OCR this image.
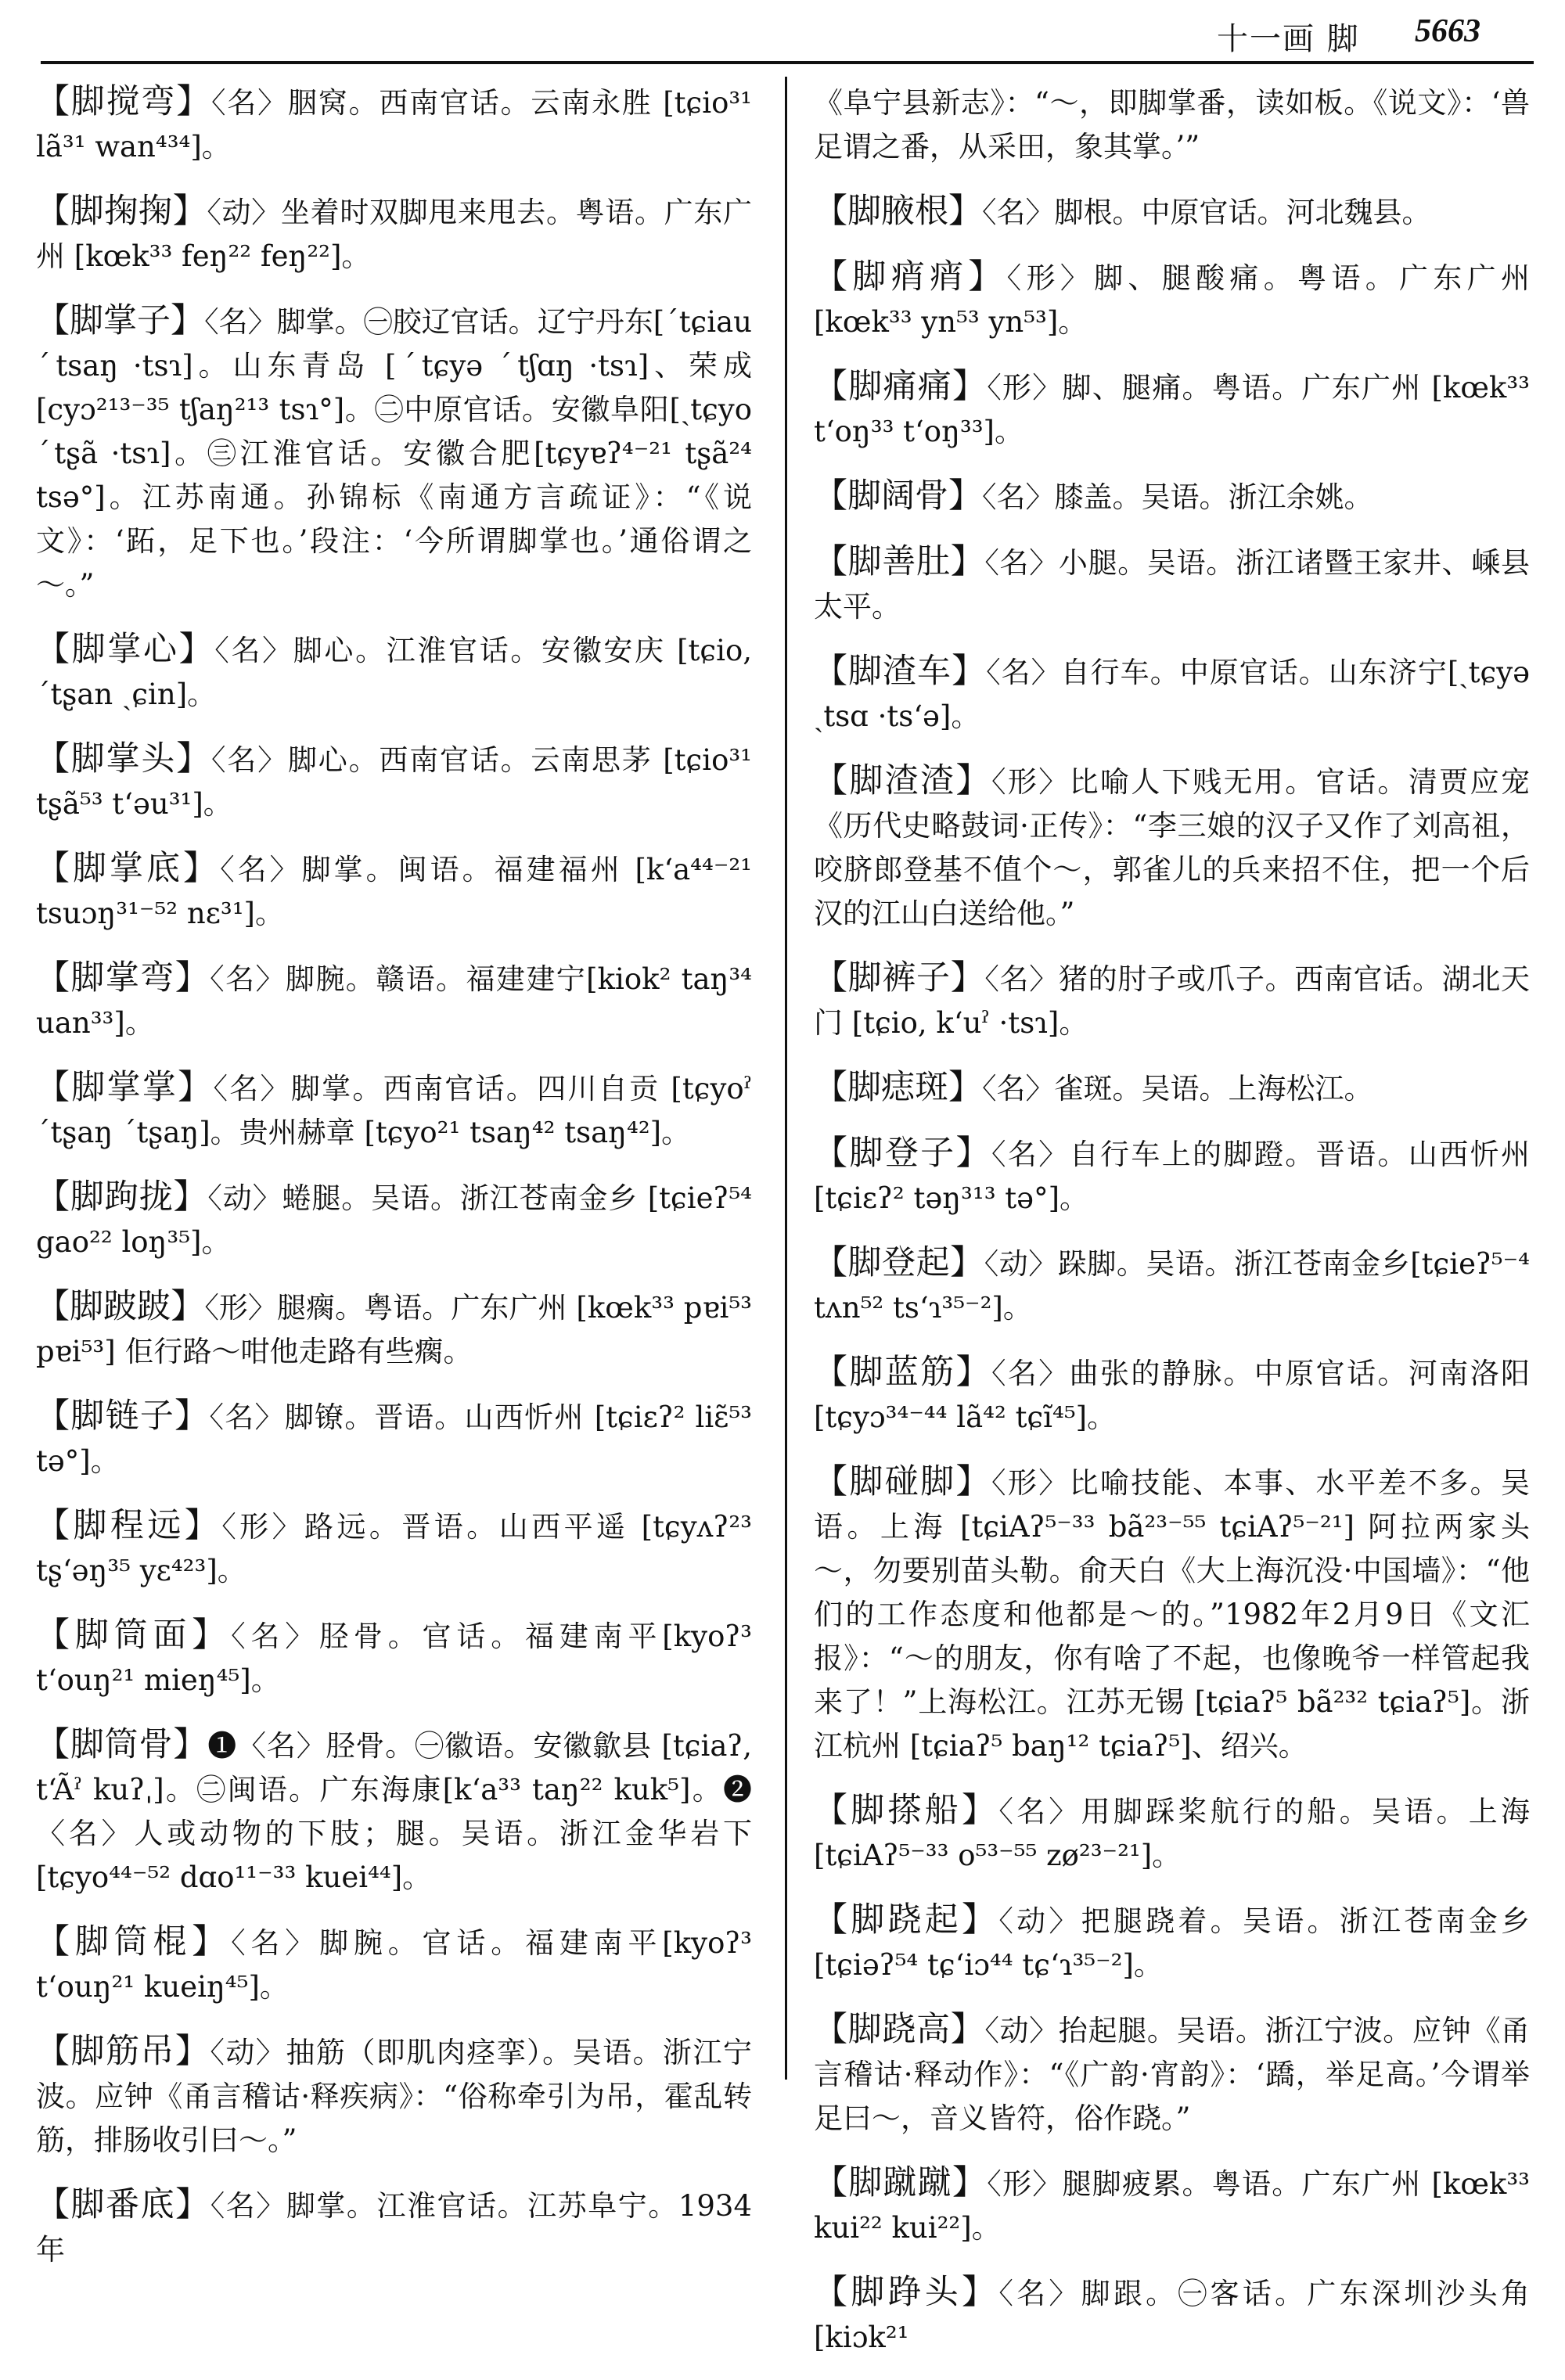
十一画 脚 5663

【脚搅弯】〈名〉胭窝。西南官话。云南永胜 [tɕio³¹ lã³¹ wan⁴³⁴]。

【脚掬掬】〈动〉坐着时双脚甩来甩去。粤语。广东广州 [kœk³³ feŋ²² feŋ²²]。

【脚掌子】〈名〉脚掌。㊀胶辽官话。辽宁丹东[ˊtɕiau ˊtsaŋ ·tsɿ]。山东青岛 [ˊtɕyə ˊtʃɑŋ ·tsɿ]、荣成[cyɔ²¹³⁻³⁵ tʃaŋ²¹³ tsɿ°]。㊁中原官话。安徽阜阳[ˏtɕyo ˊtʂã ·tsɿ]。㊂江淮官话。安徽合肥[tɕyɐʔ⁴⁻²¹ tʂã²⁴ tsə°]。江苏南通。孙锦标《南通方言疏证》：“《说文》：‘跖，足下也。’段注：‘今所谓脚掌也。’通俗谓之～。”

【脚掌心】〈名〉脚心。江淮官话。安徽安庆 [tɕio, ˊtʂan ˏɕin]。

【脚掌头】〈名〉脚心。西南官话。云南思茅 [tɕio³¹ tʂã⁵³ tʻəu³¹]。

【脚掌底】〈名〉脚掌。闽语。福建福州 [kʻa⁴⁴⁻²¹ tsuɔŋ³¹⁻⁵² nɛ³¹]。

【脚掌弯】〈名〉脚腕。赣语。福建建宁[kiok² taŋ³⁴ uan³³]。

【脚掌掌】〈名〉脚掌。西南官话。四川自贡 [tɕyoˀ ˊtʂaŋ ˊtʂaŋ]。贵州赫章 [tɕyo²¹ tsaŋ⁴² tsaŋ⁴²]。

【脚跔拢】〈动〉蜷腿。吴语。浙江苍南金乡 [tɕieʔ⁵⁴ gao²² loŋ³⁵]。

【脚跛跛】〈形〉腿瘸。粤语。广东广州 [kœk³³ pɐi⁵³ pɐi⁵³] 佢行路～咁他走路有些瘸。

【脚链子】〈名〉脚镣。晋语。山西忻州 [tɕiɛʔ² liɛ̃⁵³ tə°]。

【脚程远】〈形〉路远。晋语。山西平遥 [tɕyʌʔ²³ tʂʻəŋ³⁵ yɛ⁴²³]。

【脚筒面】〈名〉胫骨。官话。福建南平[kyoʔ³ tʻouŋ²¹ mieŋ⁴⁵]。

【脚筒骨】❶〈名〉胫骨。㊀徽语。安徽歙县 [tɕiaʔ, tʻÃˀ kuʔˌ]。㊁闽语。广东海康[kʻa³³ taŋ²² kuk⁵]。❷〈名〉人或动物的下肢；腿。吴语。浙江金华岩下 [tɕyo⁴⁴⁻⁵² dɑo¹¹⁻³³ kuei⁴⁴]。

【脚筒棍】〈名〉脚腕。官话。福建南平[kyoʔ³ tʻouŋ²¹ kueiŋ⁴⁵]。

【脚筋吊】〈动〉抽筋（即肌肉痉挛）。吴语。浙江宁波。应钟《甬言稽诂·释疾病》：“俗称牵引为吊，霍乱转筋，排肠收引曰～。”

【脚番底】〈名〉脚掌。江淮官话。江苏阜宁。1934年

《阜宁县新志》：“～，即脚掌番，读如板。《说文》：‘兽足谓之番，从采田，象其掌。’”

【脚腋根】〈名〉脚根。中原官话。河北魏县。

【脚痟痟】〈形〉脚、腿酸痛。粤语。广东广州 [kœk³³ yn⁵³ yn⁵³]。

【脚痛痛】〈形〉脚、腿痛。粤语。广东广州 [kœk³³ tʻoŋ³³ tʻoŋ³³]。

【脚阔骨】〈名〉膝盖。吴语。浙江余姚。

【脚善肚】〈名〉小腿。吴语。浙江诸暨王家井、嵊县太平。

【脚渣车】〈名〉自行车。中原官话。山东济宁[ˏtɕyə ˏtsɑ ·tsʻə]。

【脚渣渣】〈形〉比喻人下贱无用。官话。清贾应宠《历代史略鼓词·正传》：“李三娘的汉子又作了刘高祖，咬脐郎登基不值个～，郭雀儿的兵来招不住，把一个后汉的江山白送给他。”

【脚裤子】〈名〉猪的肘子或爪子。西南官话。湖北天门 [tɕio, kʻuˀ ·tsɿ]。

【脚痣斑】〈名〉雀斑。吴语。上海松江。

【脚登子】〈名〉自行车上的脚蹬。晋语。山西忻州 [tɕiɛʔ² təŋ³¹³ tə°]。

【脚登起】〈动〉跺脚。吴语。浙江苍南金乡[tɕieʔ⁵⁻⁴ tʌn⁵² tsʻɿ³⁵⁻²]。

【脚蓝筋】〈名〉曲张的静脉。中原官话。河南洛阳 [tɕyɔ³⁴⁻⁴⁴ lã⁴² tɕĩ⁴⁵]。

【脚碰脚】〈形〉比喻技能、本事、水平差不多。吴语。上海 [tɕiAʔ⁵⁻³³ bã²³⁻⁵⁵ tɕiAʔ⁵⁻²¹] 阿拉两家头～，勿要别苗头勒。俞天白《大上海沉没·中国墙》：“他们的工作态度和他都是～的。”1982年2月9日《文汇报》：“～的朋友，你有啥了不起，也像晚爷一样管起我来了！”上海松江。江苏无锡 [tɕiaʔ⁵ bã²³² tɕiaʔ⁵]。浙江杭州 [tɕiaʔ⁵ baŋ¹² tɕiaʔ⁵]、绍兴。

【脚搽船】〈名〉用脚踩桨航行的船。吴语。上海 [tɕiAʔ⁵⁻³³ o⁵³⁻⁵⁵ zø²³⁻²¹]。

【脚跷起】〈动〉把腿跷着。吴语。浙江苍南金乡 [tɕiəʔ⁵⁴ tɕʻiɔ⁴⁴ tɕʻɿ³⁵⁻²]。

【脚跷高】〈动〉抬起腿。吴语。浙江宁波。应钟《甬言稽诂·释动作》：“《广韵·宵韵》：‘蹻，举足高。’今谓举足曰～，音义皆符，俗作跷。”

【脚蹴蹴】〈形〉腿脚疲累。粤语。广东广州 [kœk³³ kui²² kui²²]。

【脚踭头】〈名〉脚跟。㊀客话。广东深圳沙头角[kiɔk²¹
